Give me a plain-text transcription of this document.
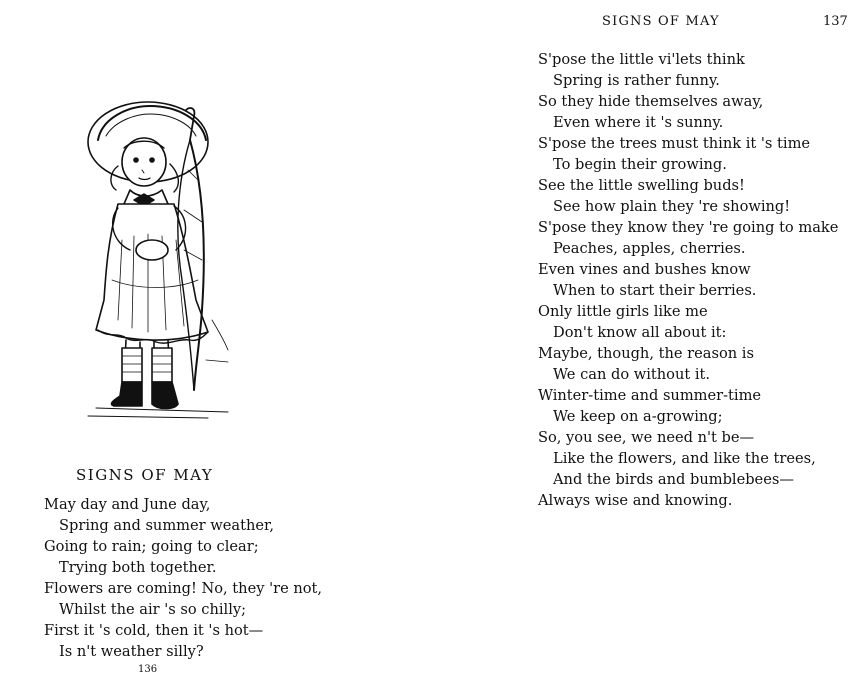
SIGNS OF MAY
May day and June day,
Spring and summer weather,
Going to rain; going to clear;
Trying both together.
Flowers are coming! No, they 're not,
Whilst the air 's so chilly;
First it 's cold, then it 's hot—
Is n't weather silly?
136
SIGNS OF MAY	137
S'pose the little vi'lets think
Spring is rather funny.
So they hide themselves away,
Even where it 's sunny.
S'pose the trees must think it 's time
To begin their growing.
See the little swelling buds!
See how plain they 're showing!
S'pose they know they 're going to make
Peaches, apples, cherries.
Even vines and bushes know
When to start their berries.
Only little girls like me
Don't know all about it:
Maybe, though, the reason is
We can do without it.
Winter-time and summer-time
We keep on a-growing;
So, you see, we need n't be—
Like the flowers, and like the trees,
And the birds and bumblebees—
Always wise and knowing.
